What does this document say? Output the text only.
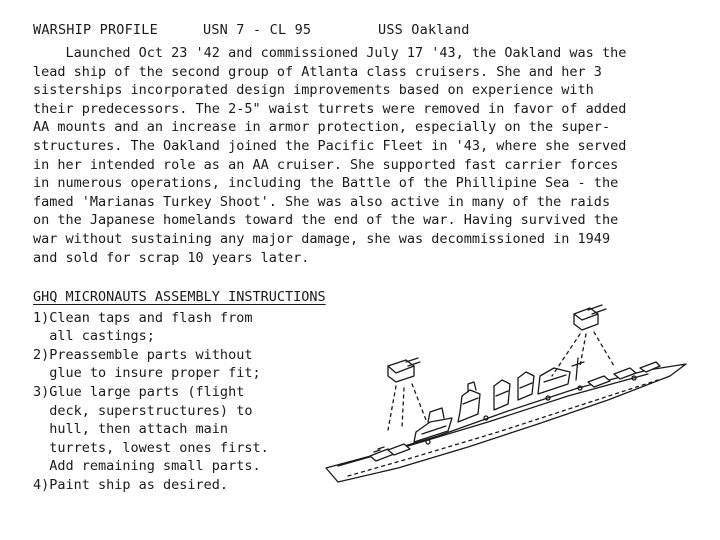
WARSHIP PROFILE	USN 7 - CL 95	USS Oakland
Launched Oct 23 '42 and commissioned July 17 '43, the Oakland was the
lead ship of the second group of Atlanta class cruisers. She and her 3
sisterships incorporated design improvements based on experience with
their predecessors. The 2-5" waist turrets were removed in favor of added
AA mounts and an increase in armor protection, especially on the super-
structures. The Oakland joined the Pacific Fleet in '43, where she served
in her intended role as an AA cruiser. She supported fast carrier forces
in numerous operations, including the Battle of the Phillipine Sea - the
famed 'Marianas Turkey Shoot'. She was also active in many of the raids
on the Japanese homelands toward the end of the war. Having survived the
war without sustaining any major damage, she was decommissioned in 1949
and sold for scrap 10 years later.
GHQ MICRONAUTS ASSEMBLY INSTRUCTIONS
1)Clean taps and flash from
all castings;
2)Preassemble parts without
glue to insure proper fit;
3)Glue large parts (flight
deck, superstructures) to
hull, then attach main
turrets, lowest ones first.
Add remaining small parts.
4)Paint ship as desired.
